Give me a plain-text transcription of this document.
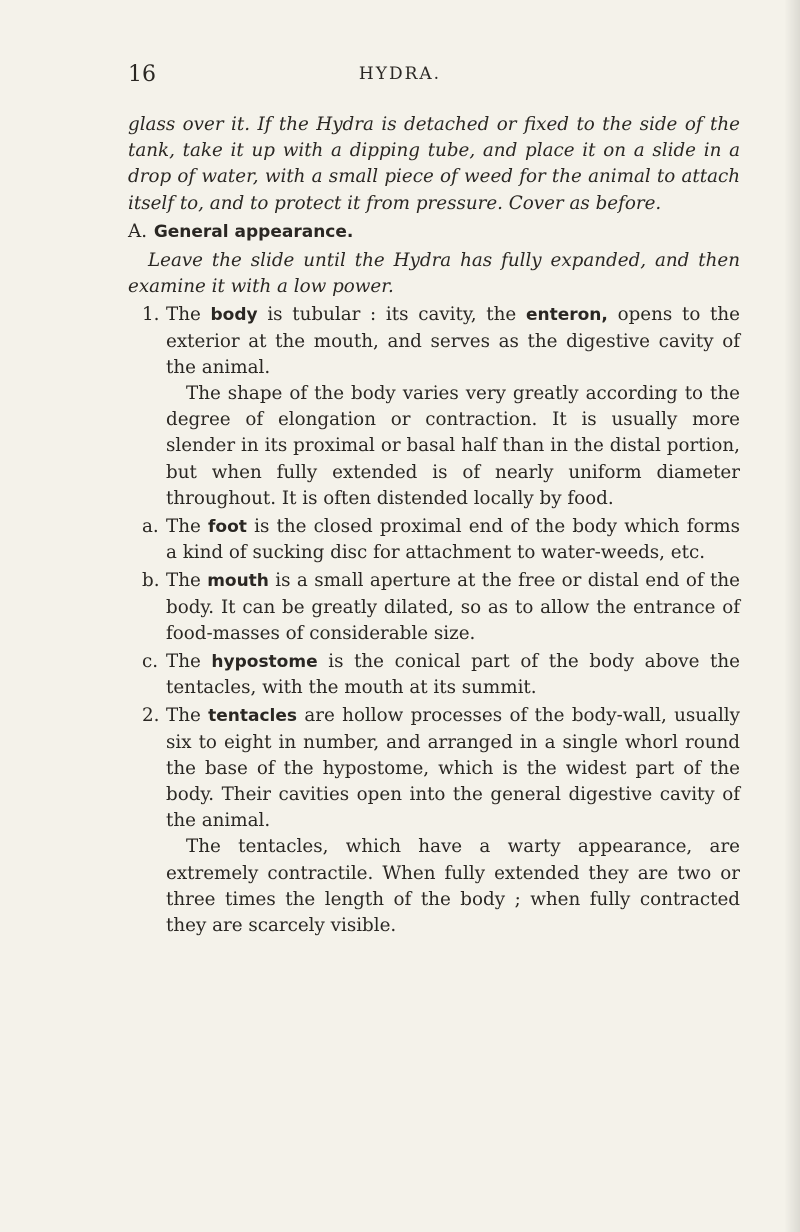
16	HYDRA.

glass over it. If the Hydra is detached or fixed to the side of the tank, take it up with a dipping tube, and place it on a slide in a drop of water, with a small piece of weed for the animal to attach itself to, and to protect it from pressure. Cover as before.

A. General appearance.

Leave the slide until the Hydra has fully expanded, and then examine it with a low power.

1. The body is tubular : its cavity, the enteron, opens to the exterior at the mouth, and serves as the digestive cavity of the animal.

The shape of the body varies very greatly according to the degree of elongation or contraction. It is usually more slender in its proximal or basal half than in the distal portion, but when fully extended is of nearly uniform diameter throughout. It is often distended locally by food.

a. The foot is the closed proximal end of the body which forms a kind of sucking disc for attachment to water-weeds, etc.

b. The mouth is a small aperture at the free or distal end of the body. It can be greatly dilated, so as to allow the entrance of food-masses of considerable size.

c. The hypostome is the conical part of the body above the tentacles, with the mouth at its summit.

2. The tentacles are hollow processes of the body-wall, usually six to eight in number, and arranged in a single whorl round the base of the hypostome, which is the widest part of the body. Their cavities open into the general digestive cavity of the animal.

The tentacles, which have a warty appearance, are extremely contractile. When fully extended they are two or three times the length of the body ; when fully contracted they are scarcely visible.
